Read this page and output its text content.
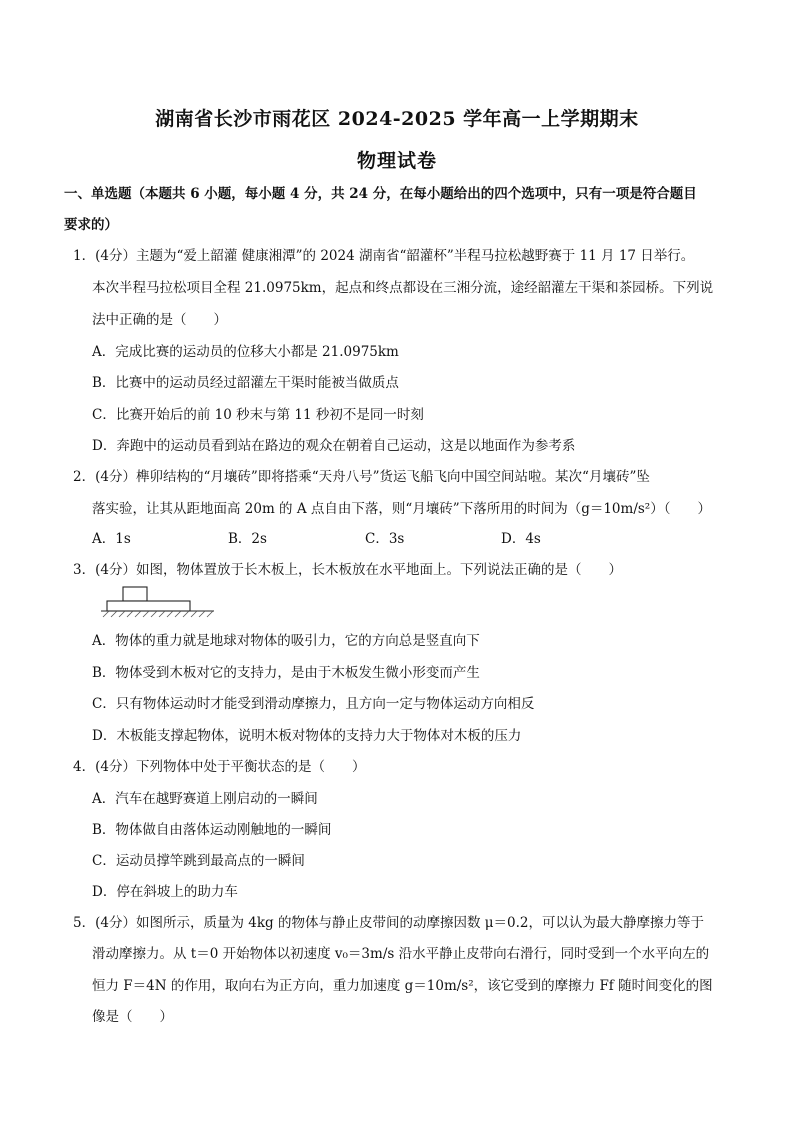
湖南省长沙市雨花区 2024-2025 学年高一上学期期末
物理试卷
一、单选题（本题共 6 小题，每小题 4 分，共 24 分，在每小题给出的四个选项中，只有一项是符合题目
要求的）
1．(4分）主题为“爱上韶灌 健康湘潭”的 2024 湖南省“韶灌杯”半程马拉松越野赛于 11 月 17 日举行。
本次半程马拉松项目全程 21.0975km，起点和终点都设在三湘分流，途经韶灌左干渠和茶园桥。下列说
法中正确的是（　　）
A．完成比赛的运动员的位移大小都是 21.0975km
B．比赛中的运动员经过韶灌左干渠时能被当做质点
C．比赛开始后的前 10 秒末与第 11 秒初不是同一时刻
D．奔跑中的运动员看到站在路边的观众在朝着自己运动，这是以地面作为参考系
2．(4分）榫卯结构的“月壤砖”即将搭乘“天舟八号”货运飞船飞向中国空间站啦。某次“月壤砖”坠
落实验，让其从距地面高 20m 的 A 点自由下落，则“月壤砖”下落所用的时间为（g＝10m/s²）（　　）
A．1s	B．2s	C．3s	D．4s
3．(4分）如图，物体置放于长木板上，长木板放在水平地面上。下列说法正确的是（　　）
A．物体的重力就是地球对物体的吸引力，它的方向总是竖直向下
B．物体受到木板对它的支持力，是由于木板发生微小形变而产生
C．只有物体运动时才能受到滑动摩擦力，且方向一定与物体运动方向相反
D．木板能支撑起物体，说明木板对物体的支持力大于物体对木板的压力
4．(4分）下列物体中处于平衡状态的是（　　）
A．汽车在越野赛道上刚启动的一瞬间
B．物体做自由落体运动刚触地的一瞬间
C．运动员撑竿跳到最高点的一瞬间
D．停在斜坡上的助力车
5．(4分）如图所示，质量为 4kg 的物体与静止皮带间的动摩擦因数 μ＝0.2，可以认为最大静摩擦力等于
滑动摩擦力。从 t＝0 开始物体以初速度 v₀＝3m/s 沿水平静止皮带向右滑行，同时受到一个水平向左的
恒力 F＝4N 的作用，取向右为正方向，重力加速度 g＝10m/s²，该它受到的摩擦力 Ff 随时间变化的图
像是（　　）
